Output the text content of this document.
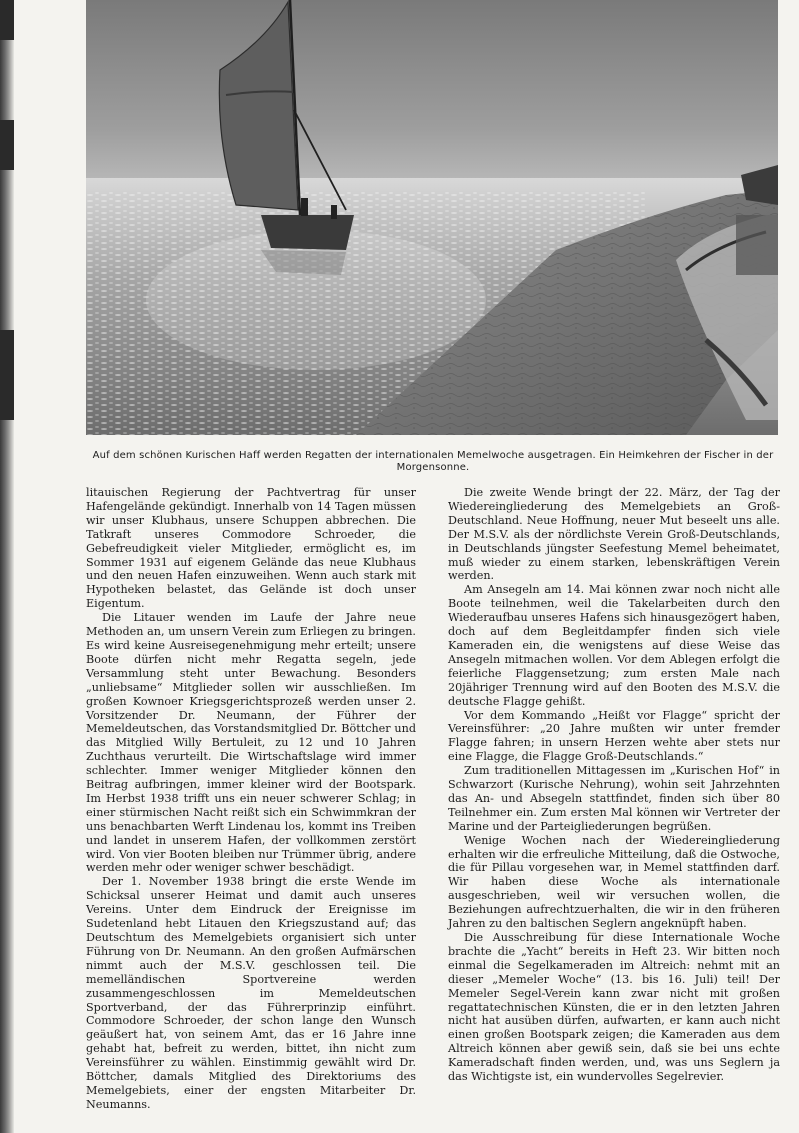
Auf dem schönen Kurischen Haff werden Regatten der internationalen Memelwoche ausgetragen. Ein Heimkehren der Fischer in der Morgensonne.

litauischen Regierung der Pachtvertrag für unser Hafengelände gekündigt. Innerhalb von 14 Tagen müssen wir unser Klubhaus, unsere Schuppen abbrechen. Die Tatkraft unseres Commodore Schroeder, die Gebefreudigkeit vieler Mitglieder, ermöglicht es, im Sommer 1931 auf eigenem Gelände das neue Klubhaus und den neuen Hafen einzuweihen. Wenn auch stark mit Hypotheken belastet, das Gelände ist doch unser Eigentum.

Die Litauer wenden im Laufe der Jahre neue Methoden an, um unsern Verein zum Erliegen zu bringen. Es wird keine Ausreisegenehmigung mehr erteilt; unsere Boote dürfen nicht mehr Regatta segeln, jede Versammlung steht unter Bewachung. Besonders „unliebsame“ Mitglieder sollen wir ausschließen. Im großen Kownoer Kriegsgerichtsprozeß werden unser 2. Vorsitzender Dr. Neumann, der Führer der Memeldeutschen, das Vorstandsmitglied Dr. Böttcher und das Mitglied Willy Bertuleit, zu 12 und 10 Jahren Zuchthaus verurteilt. Die Wirtschaftslage wird immer schlechter. Immer weniger Mitglieder können den Beitrag aufbringen, immer kleiner wird der Bootspark. Im Herbst 1938 trifft uns ein neuer schwerer Schlag; in einer stürmischen Nacht reißt sich ein Schwimmkran der uns benachbarten Werft Lindenau los, kommt ins Treiben und landet in unserem Hafen, der vollkommen zerstört wird. Von vier Booten bleiben nur Trümmer übrig, andere werden mehr oder weniger schwer beschädigt.

Der 1. November 1938 bringt die erste Wende im Schicksal unserer Heimat und damit auch unseres Vereins. Unter dem Eindruck der Ereignisse im Sudetenland hebt Litauen den Kriegszustand auf; das Deutschtum des Memelgebiets organisiert sich unter Führung von Dr. Neumann. An den großen Aufmärschen nimmt auch der M.S.V. geschlossen teil. Die memelländischen Sportvereine werden zusammengeschlossen im Memeldeutschen Sportverband, der das Führerprinzip einführt. Commodore Schroeder, der schon lange den Wunsch geäußert hat, von seinem Amt, das er 16 Jahre inne gehabt hat, befreit zu werden, bittet, ihn nicht zum Vereinsführer zu wählen. Einstimmig gewählt wird Dr. Böttcher, damals Mitglied des Direktoriums des Memelgebiets, einer der engsten Mitarbeiter Dr. Neumanns.

Die zweite Wende bringt der 22. März, der Tag der Wiedereingliederung des Memelgebiets an Groß-Deutschland. Neue Hoffnung, neuer Mut beseelt uns alle. Der M.S.V. als der nördlichste Verein Groß-Deutschlands, in Deutschlands jüngster Seefestung Memel beheimatet, muß wieder zu einem starken, lebenskräftigen Verein werden.

Am Ansegeln am 14. Mai können zwar noch nicht alle Boote teilnehmen, weil die Takelarbeiten durch den Wiederaufbau unseres Hafens sich hinausgezögert haben, doch auf dem Begleitdampfer finden sich viele Kameraden ein, die wenigstens auf diese Weise das Ansegeln mitmachen wollen. Vor dem Ablegen erfolgt die feierliche Flaggensetzung; zum ersten Male nach 20jähriger Trennung wird auf den Booten des M.S.V. die deutsche Flagge gehißt.

Vor dem Kommando „Heißt vor Flagge“ spricht der Vereinsführer: „20 Jahre mußten wir unter fremder Flagge fahren; in unsern Herzen wehte aber stets nur eine Flagge, die Flagge Groß-Deutschlands.“

Zum traditionellen Mittagessen im „Kurischen Hof“ in Schwarzort (Kurische Nehrung), wohin seit Jahrzehnten das An- und Absegeln stattfindet, finden sich über 80 Teilnehmer ein. Zum ersten Mal können wir Vertreter der Marine und der Parteigliederungen begrüßen.

Wenige Wochen nach der Wiedereingliederung erhalten wir die erfreuliche Mitteilung, daß die Ostwoche, die für Pillau vorgesehen war, in Memel stattfinden darf. Wir haben diese Woche als internationale ausgeschrieben, weil wir versuchen wollen, die Beziehungen aufrechtzuerhalten, die wir in den früheren Jahren zu den baltischen Seglern angeknüpft haben.

Die Ausschreibung für diese Internationale Woche brachte die „Yacht“ bereits in Heft 23. Wir bitten noch einmal die Segelkameraden im Altreich: nehmt mit an dieser „Memeler Woche“ (13. bis 16. Juli) teil! Der Memeler Segel-Verein kann zwar nicht mit großen regattatechnischen Künsten, die er in den letzten Jahren nicht hat ausüben dürfen, aufwarten, er kann auch nicht einen großen Bootspark zeigen; die Kameraden aus dem Altreich können aber gewiß sein, daß sie bei uns echte Kameradschaft finden werden, und, was uns Seglern ja das Wichtigste ist, ein wundervolles Segelrevier.
